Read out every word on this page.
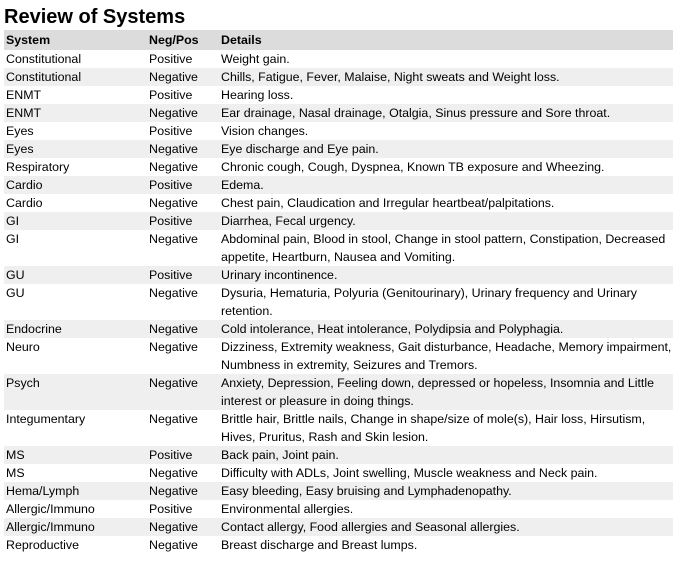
Review of Systems
System	Neg/Pos	Details
Constitutional	Positive	Weight gain.
Constitutional	Negative	Chills, Fatigue, Fever, Malaise, Night sweats and Weight loss.
ENMT	Positive	Hearing loss.
ENMT	Negative	Ear drainage, Nasal drainage, Otalgia, Sinus pressure and Sore throat.
Eyes	Positive	Vision changes.
Eyes	Negative	Eye discharge and Eye pain.
Respiratory	Negative	Chronic cough, Cough, Dyspnea, Known TB exposure and Wheezing.
Cardio	Positive	Edema.
Cardio	Negative	Chest pain, Claudication and Irregular heartbeat/palpitations.
GI	Positive	Diarrhea, Fecal urgency.
GI	Negative	Abdominal pain, Blood in stool, Change in stool pattern, Constipation, Decreased appetite, Heartburn, Nausea and Vomiting.
GU	Positive	Urinary incontinence.
GU	Negative	Dysuria, Hematuria, Polyuria (Genitourinary), Urinary frequency and Urinary retention.
Endocrine	Negative	Cold intolerance, Heat intolerance, Polydipsia and Polyphagia.
Neuro	Negative	Dizziness, Extremity weakness, Gait disturbance, Headache, Memory impairment, Numbness in extremity, Seizures and Tremors.
Psych	Negative	Anxiety, Depression, Feeling down, depressed or hopeless, Insomnia and Little interest or pleasure in doing things.
Integumentary	Negative	Brittle hair, Brittle nails, Change in shape/size of mole(s), Hair loss, Hirsutism, Hives, Pruritus, Rash and Skin lesion.
MS	Positive	Back pain, Joint pain.
MS	Negative	Difficulty with ADLs, Joint swelling, Muscle weakness and Neck pain.
Hema/Lymph	Negative	Easy bleeding, Easy bruising and Lymphadenopathy.
Allergic/Immuno	Positive	Environmental allergies.
Allergic/Immuno	Negative	Contact allergy, Food allergies and Seasonal allergies.
Reproductive	Negative	Breast discharge and Breast lumps.
